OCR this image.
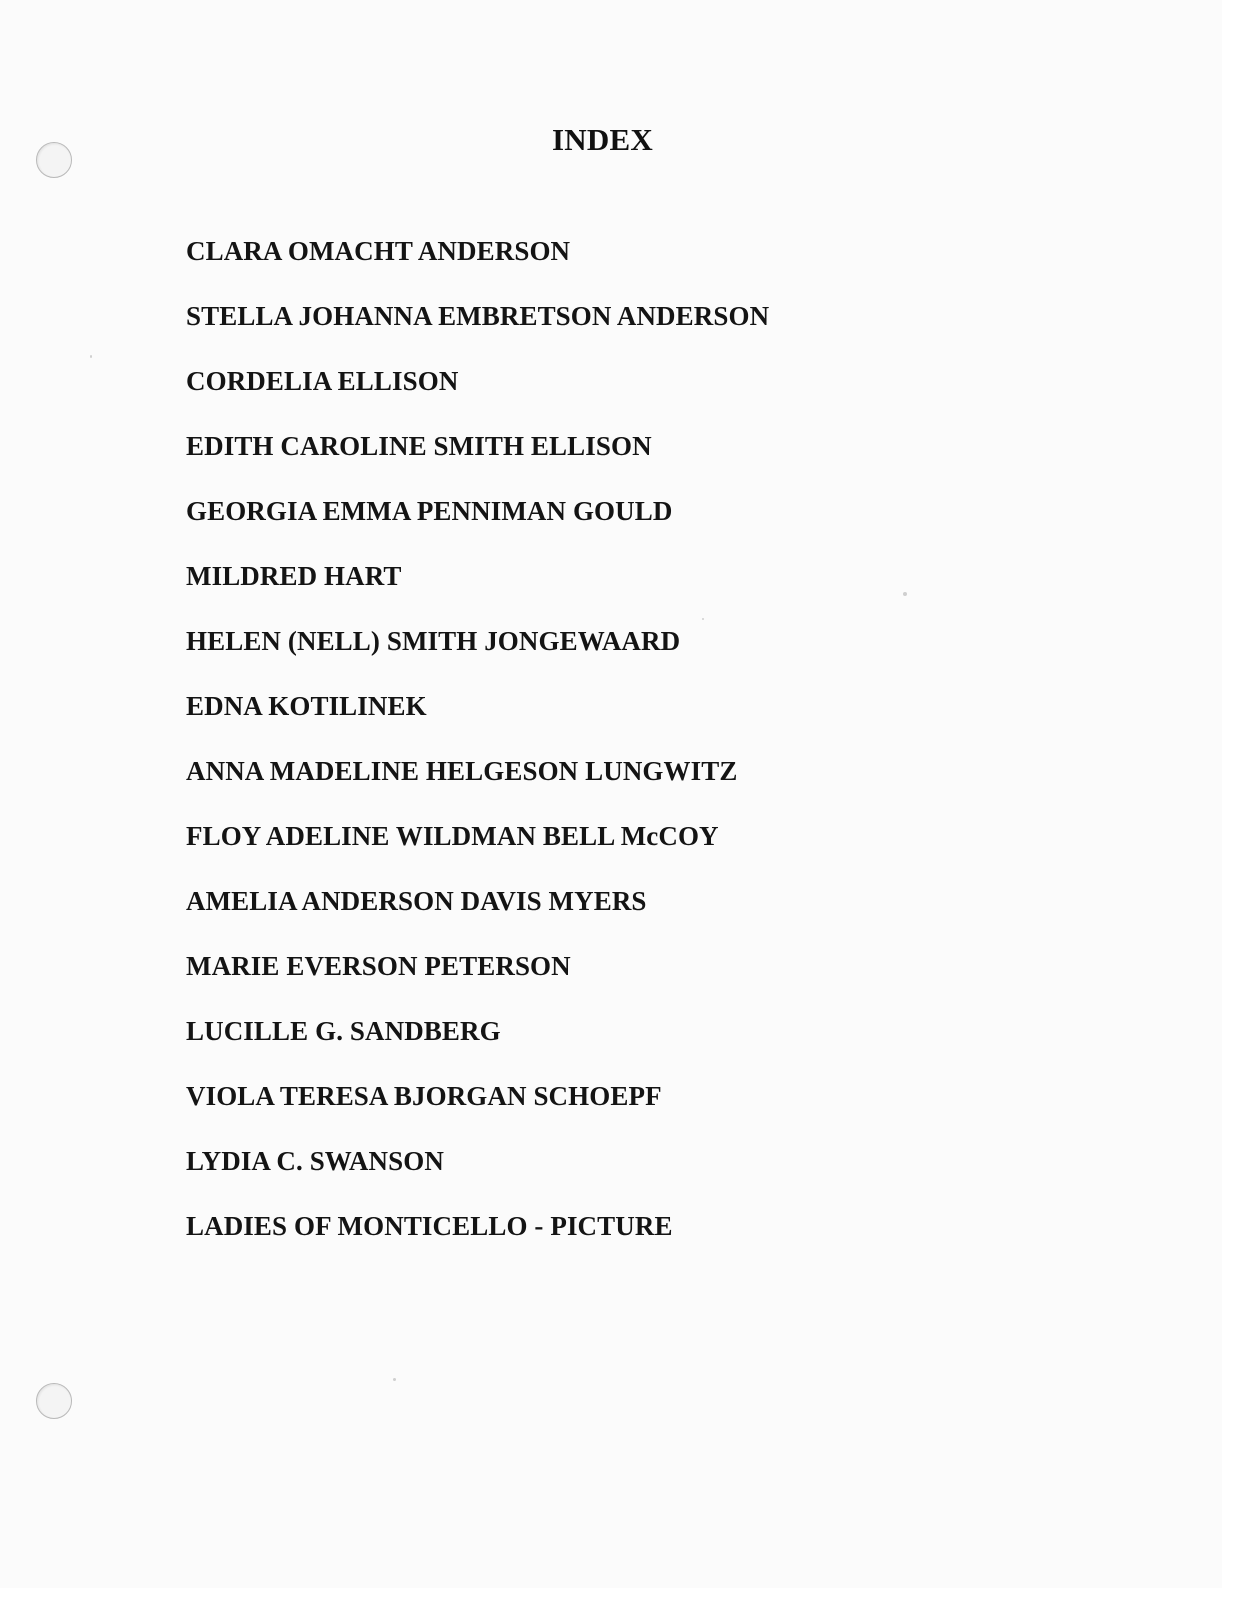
INDEX
CLARA OMACHT ANDERSON
STELLA JOHANNA EMBRETSON ANDERSON
CORDELIA ELLISON
EDITH CAROLINE SMITH ELLISON
GEORGIA EMMA PENNIMAN GOULD
MILDRED HART
HELEN (NELL) SMITH JONGEWAARD
EDNA KOTILINEK
ANNA MADELINE HELGESON LUNGWITZ
FLOY ADELINE WILDMAN BELL McCOY
AMELIA ANDERSON DAVIS MYERS
MARIE EVERSON PETERSON
LUCILLE G. SANDBERG
VIOLA TERESA BJORGAN SCHOEPF
LYDIA C. SWANSON
LADIES OF MONTICELLO - PICTURE
